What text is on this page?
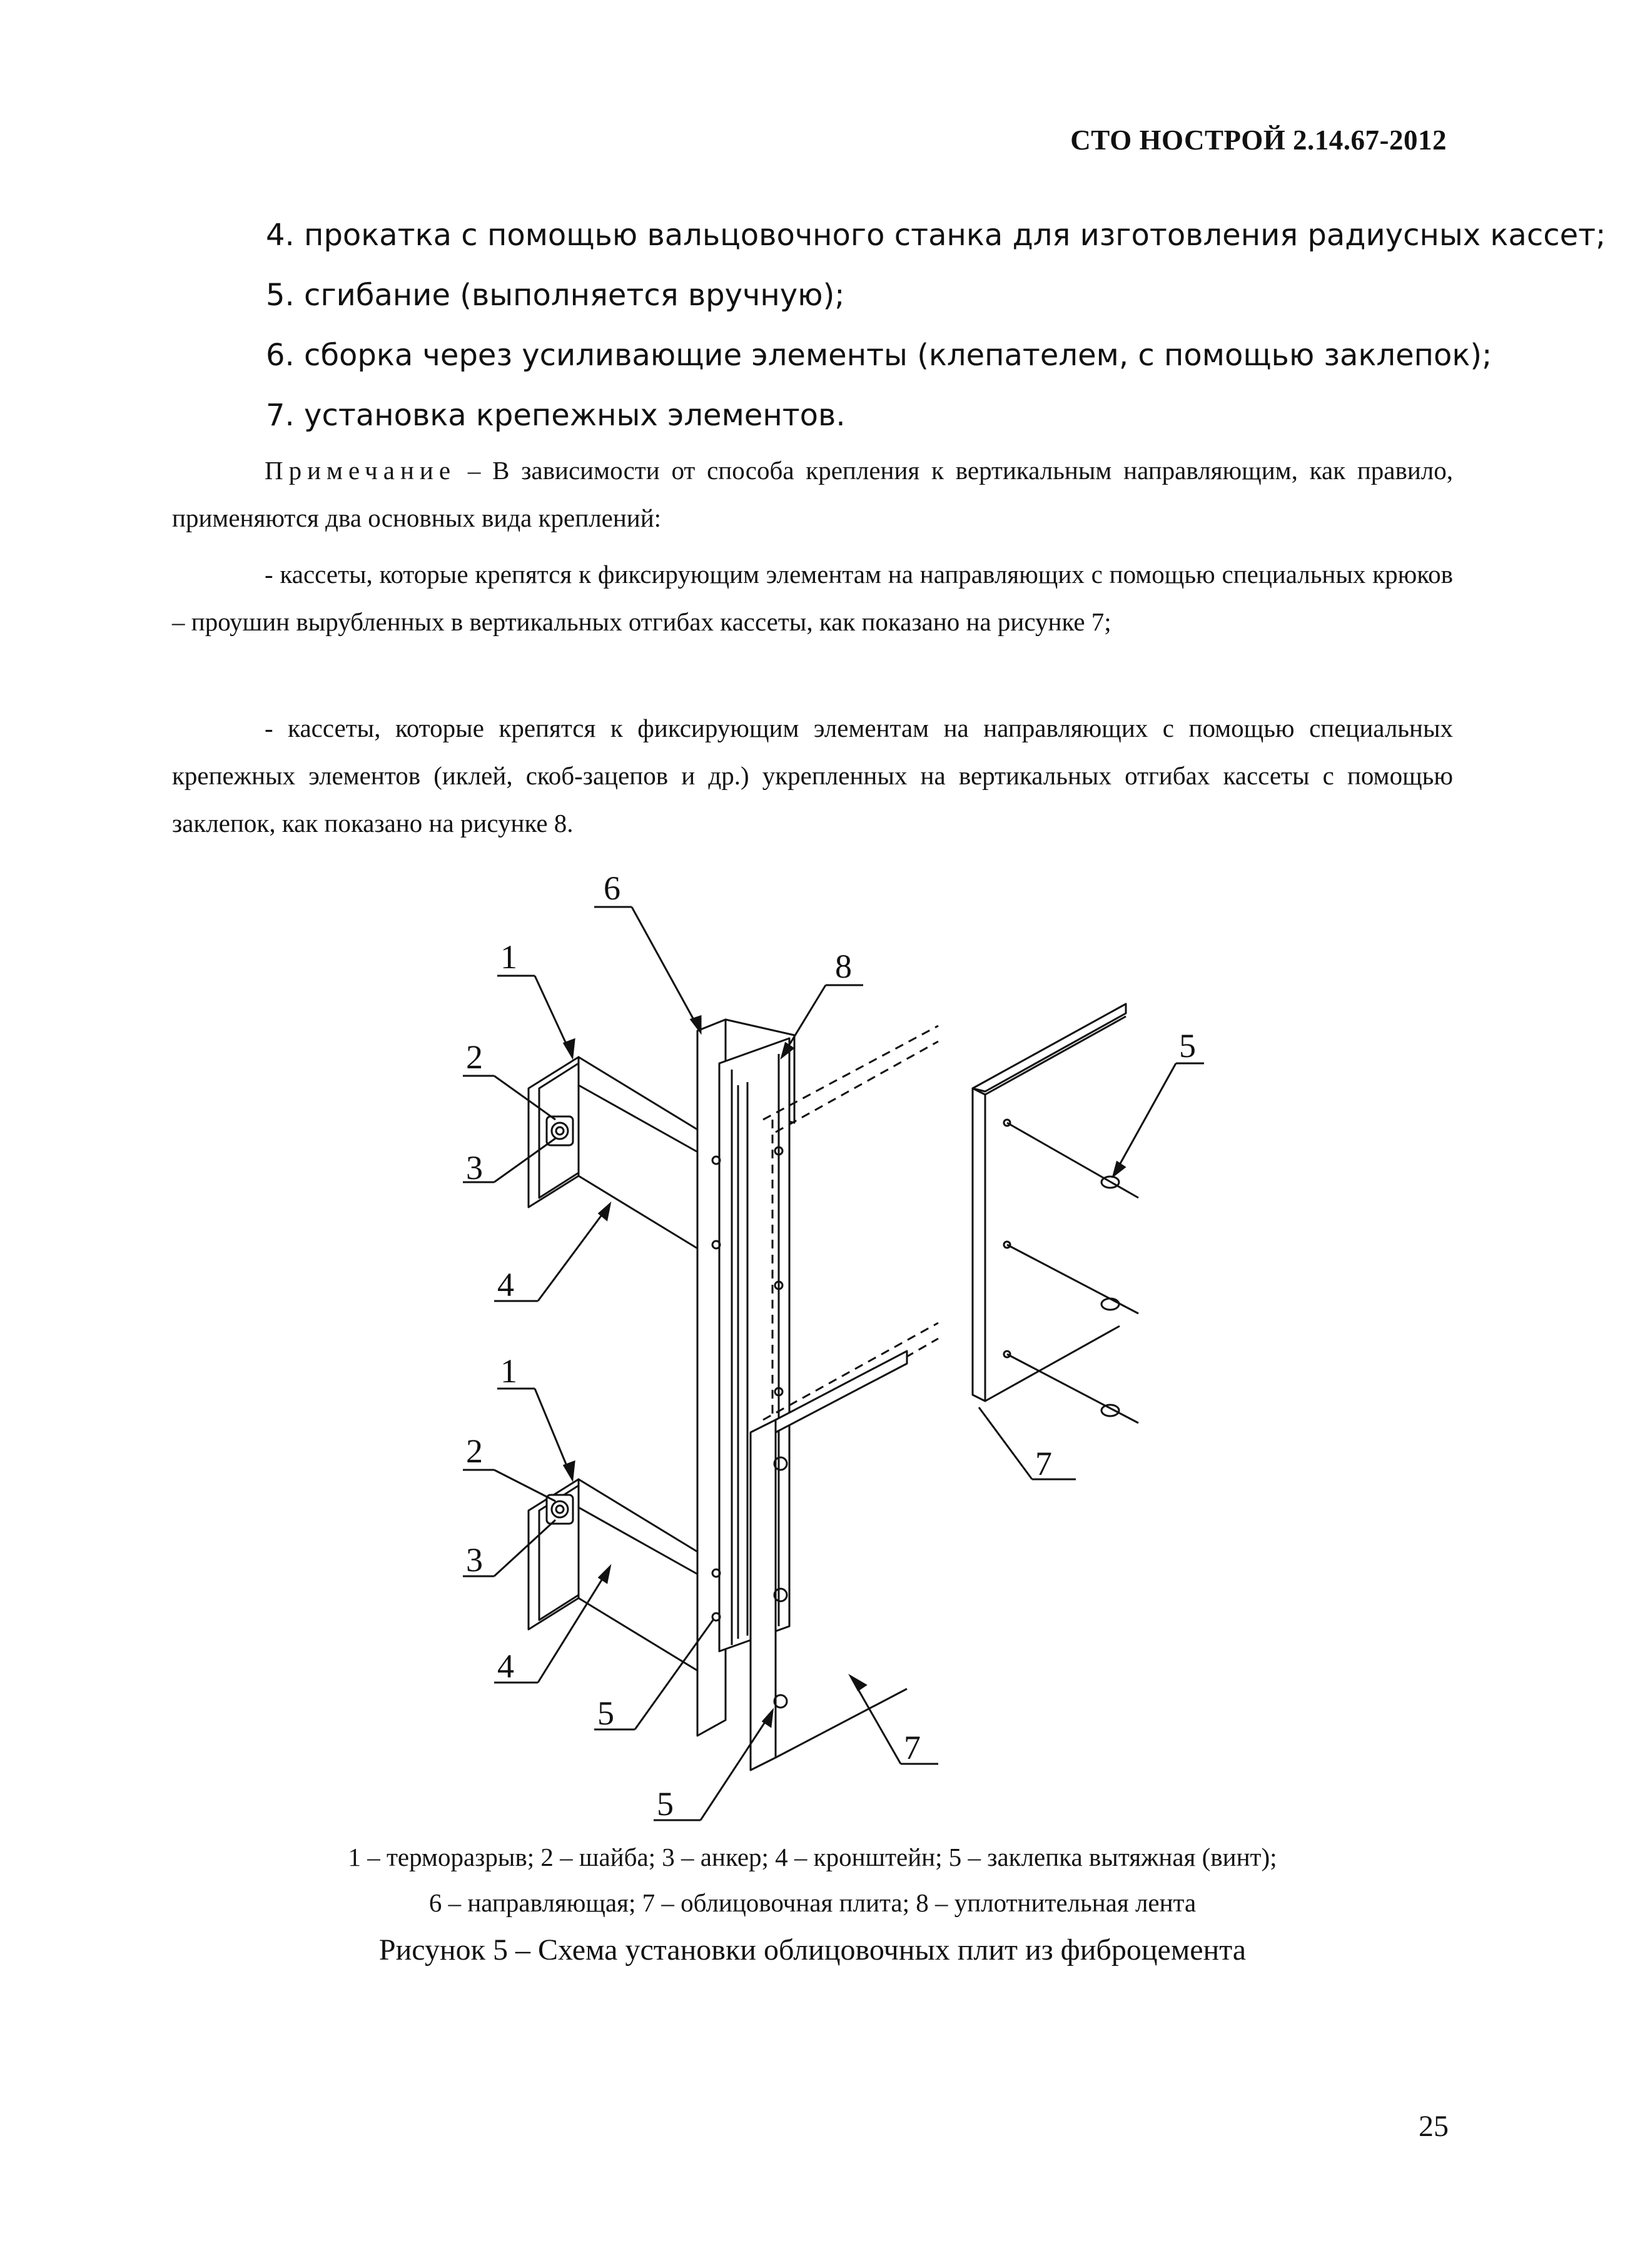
СТО НОСТРОЙ 2.14.67-2012
4. прокатка с помощью вальцовочного станка для изготовления радиусных кассет;
5. сгибание (выполняется вручную);
6. сборка через усиливающие элементы (клепателем, с помощью заклепок);
7. установка крепежных элементов.
Примечание – В зависимости от способа крепления к вертикальным направляющим, как правило, применяются два основных вида креплений:
- кассеты, которые крепятся к фиксирующим элементам на направляющих с помощью специальных крюков – проушин вырубленных в вертикальных отгибах кассеты, как показано на рисунке 7;
- кассеты, которые крепятся к фиксирующим элементам на направляющих с помощью специальных крепежных элементов (иклей, скоб-зацепов и др.) укрепленных на вертикальных отгибах кассеты с помощью заклепок, как показано на рисунке 8.
1
2
3
4
1
2
3
4
5
5
6
8
5
7
7
1 – терморазрыв; 2 – шайба; 3 – анкер; 4 – кронштейн; 5 – заклепка вытяжная (винт);
6 – направляющая; 7 – облицовочная плита; 8 – уплотнительная лента
Рисунок 5 – Схема установки облицовочных плит из фиброцемента
25
